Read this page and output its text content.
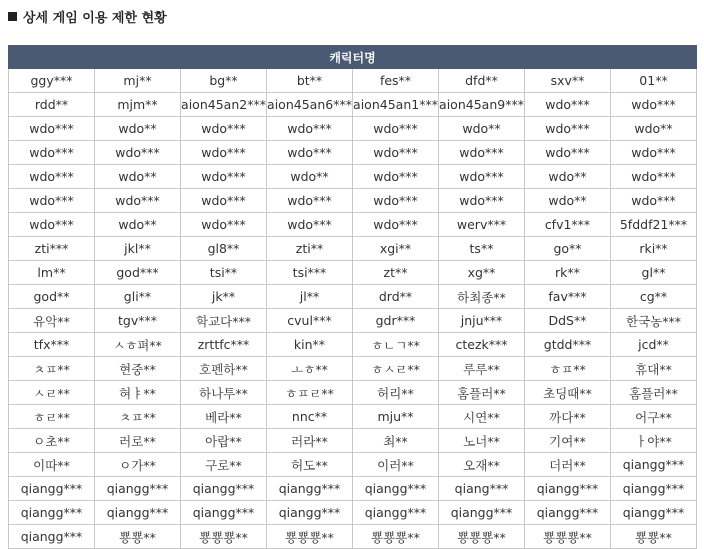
상세 게임 이용 제한 현황
캐릭터명							
ggy***	mj**	bg**	bt**	fes**	dfd**	sxv**	01**
rdd**	mjm**	aion45an2***	aion45an6***	aion45an1***	aion45an9***	wdo***	wdo***
wdo***	wdo**	wdo***	wdo***	wdo***	wdo**	wdo***	wdo**
wdo***	wdo***	wdo***	wdo***	wdo***	wdo***	wdo***	wdo***
wdo***	wdo**	wdo***	wdo**	wdo***	wdo***	wdo**	wdo***
wdo***	wdo***	wdo***	wdo***	wdo***	wdo***	wdo**	wdo***
wdo***	wdo**	wdo***	wdo***	wdo***	werv***	cfv1***	5fddf21***
zti***	jkl**	gl8**	zti**	xgi**	ts**	go**	rki**
lm**	god***	tsi**	tsi***	zt**	xg**	rk**	gl**
god**	gli**	jk**	jl**	drd**	하최종**	fav***	cg**
유악**	tgv***	학교다***	cvul***	gdr***	jnju***	DdS**	한국농***
tfx***	ㅅㅎ펴**	zrttfc***	kin**	ㅎㄴㄱ**	ctezk***	gtdd***	jcd**
ㅊㅍ**	현중**	호펜하**	ㅗㅎ**	ㅎㅅㄹ**	루루**	ㅎㅍ**	휴대**
ㅅㄹ**	혀ㅑ**	하나투**	ㅎㅍㄹ**	허리**	홈플러**	초딩때**	홈플러**
ㅎㄹ**	ㅊㅍ**	베라**	nnc**	mju**	시연**	까다**	어구**
ㅇ초**	러로**	아랍**	러라**	최**	노너**	기여**	ㅏ야**
이따**	ㅇ가**	구로**	허도**	이러**	오재**	더러**	qiangg***
qiangg***	qiangg***	qiangg***	qiangg***	qiangg***	qiang***	qiangg***	qiangg***
qiangg***	qiangg***	qiangg***	qiangg***	qiangg***	qiangg***	qiangg***	qiangg***
qiangg***	뿅뿅**	뿅뿅뿅**	뿅뿅뿅**	뿅뿅뿅**	뿅뿅뿅**	뿅뿅뿅**	뿅뿅**
